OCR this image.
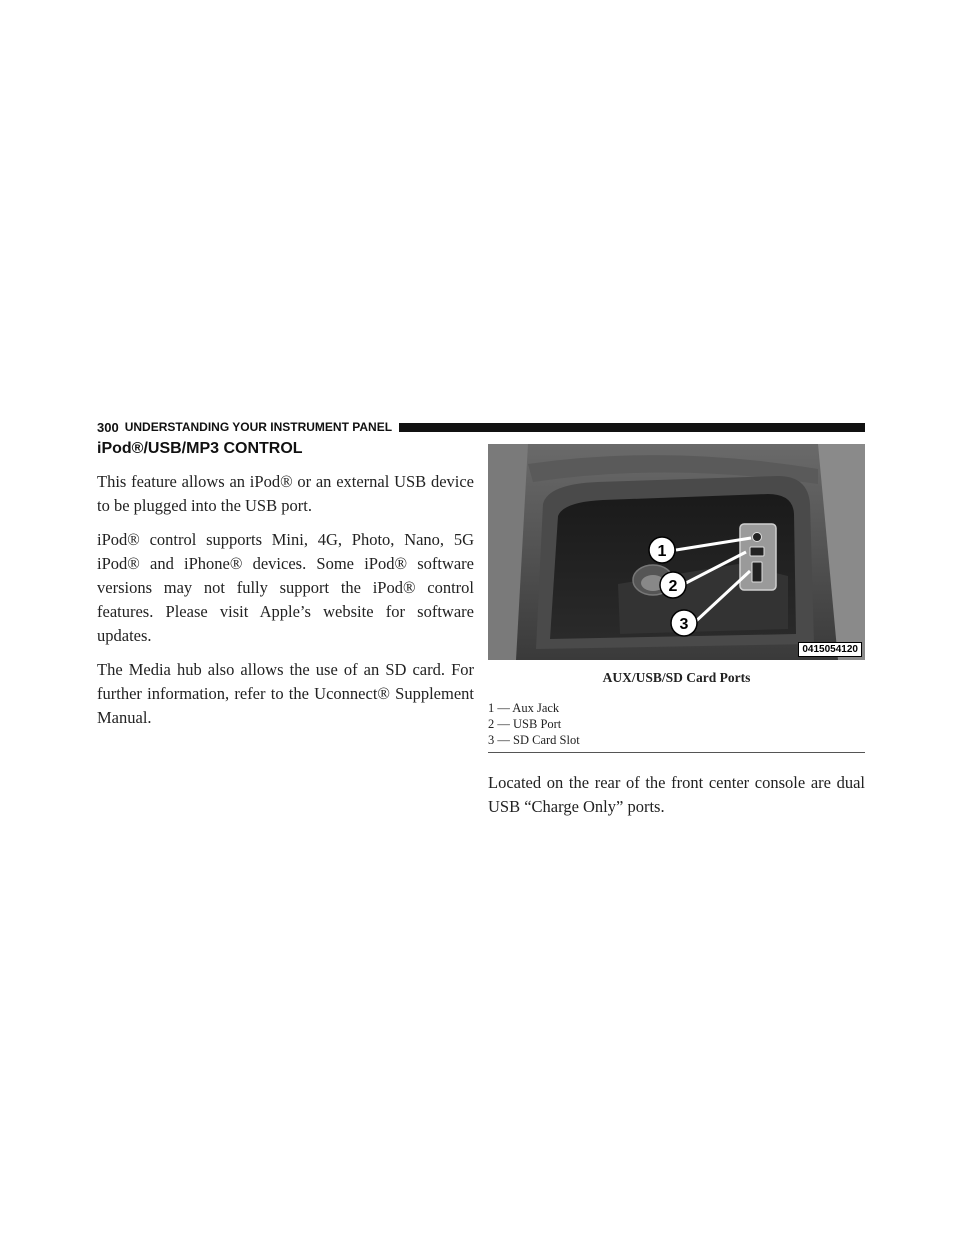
300 UNDERSTANDING YOUR INSTRUMENT PANEL
iPod®/USB/MP3 CONTROL

This feature allows an iPod® or an external USB device to be plugged into the USB port.

iPod® control supports Mini, 4G, Photo, Nano, 5G iPod® and iPhone® devices. Some iPod® software versions may not fully support the iPod® control features. Please visit Apple’s website for software updates.

The Media hub also allows the use of an SD card. For further information, refer to the Uconnect® Supplement Manual.

1
2
3
0415054120
AUX/USB/SD Card Ports
1 — Aux Jack
2 — USB Port
3 — SD Card Slot

Located on the rear of the front center console are dual USB “Charge Only” ports.
